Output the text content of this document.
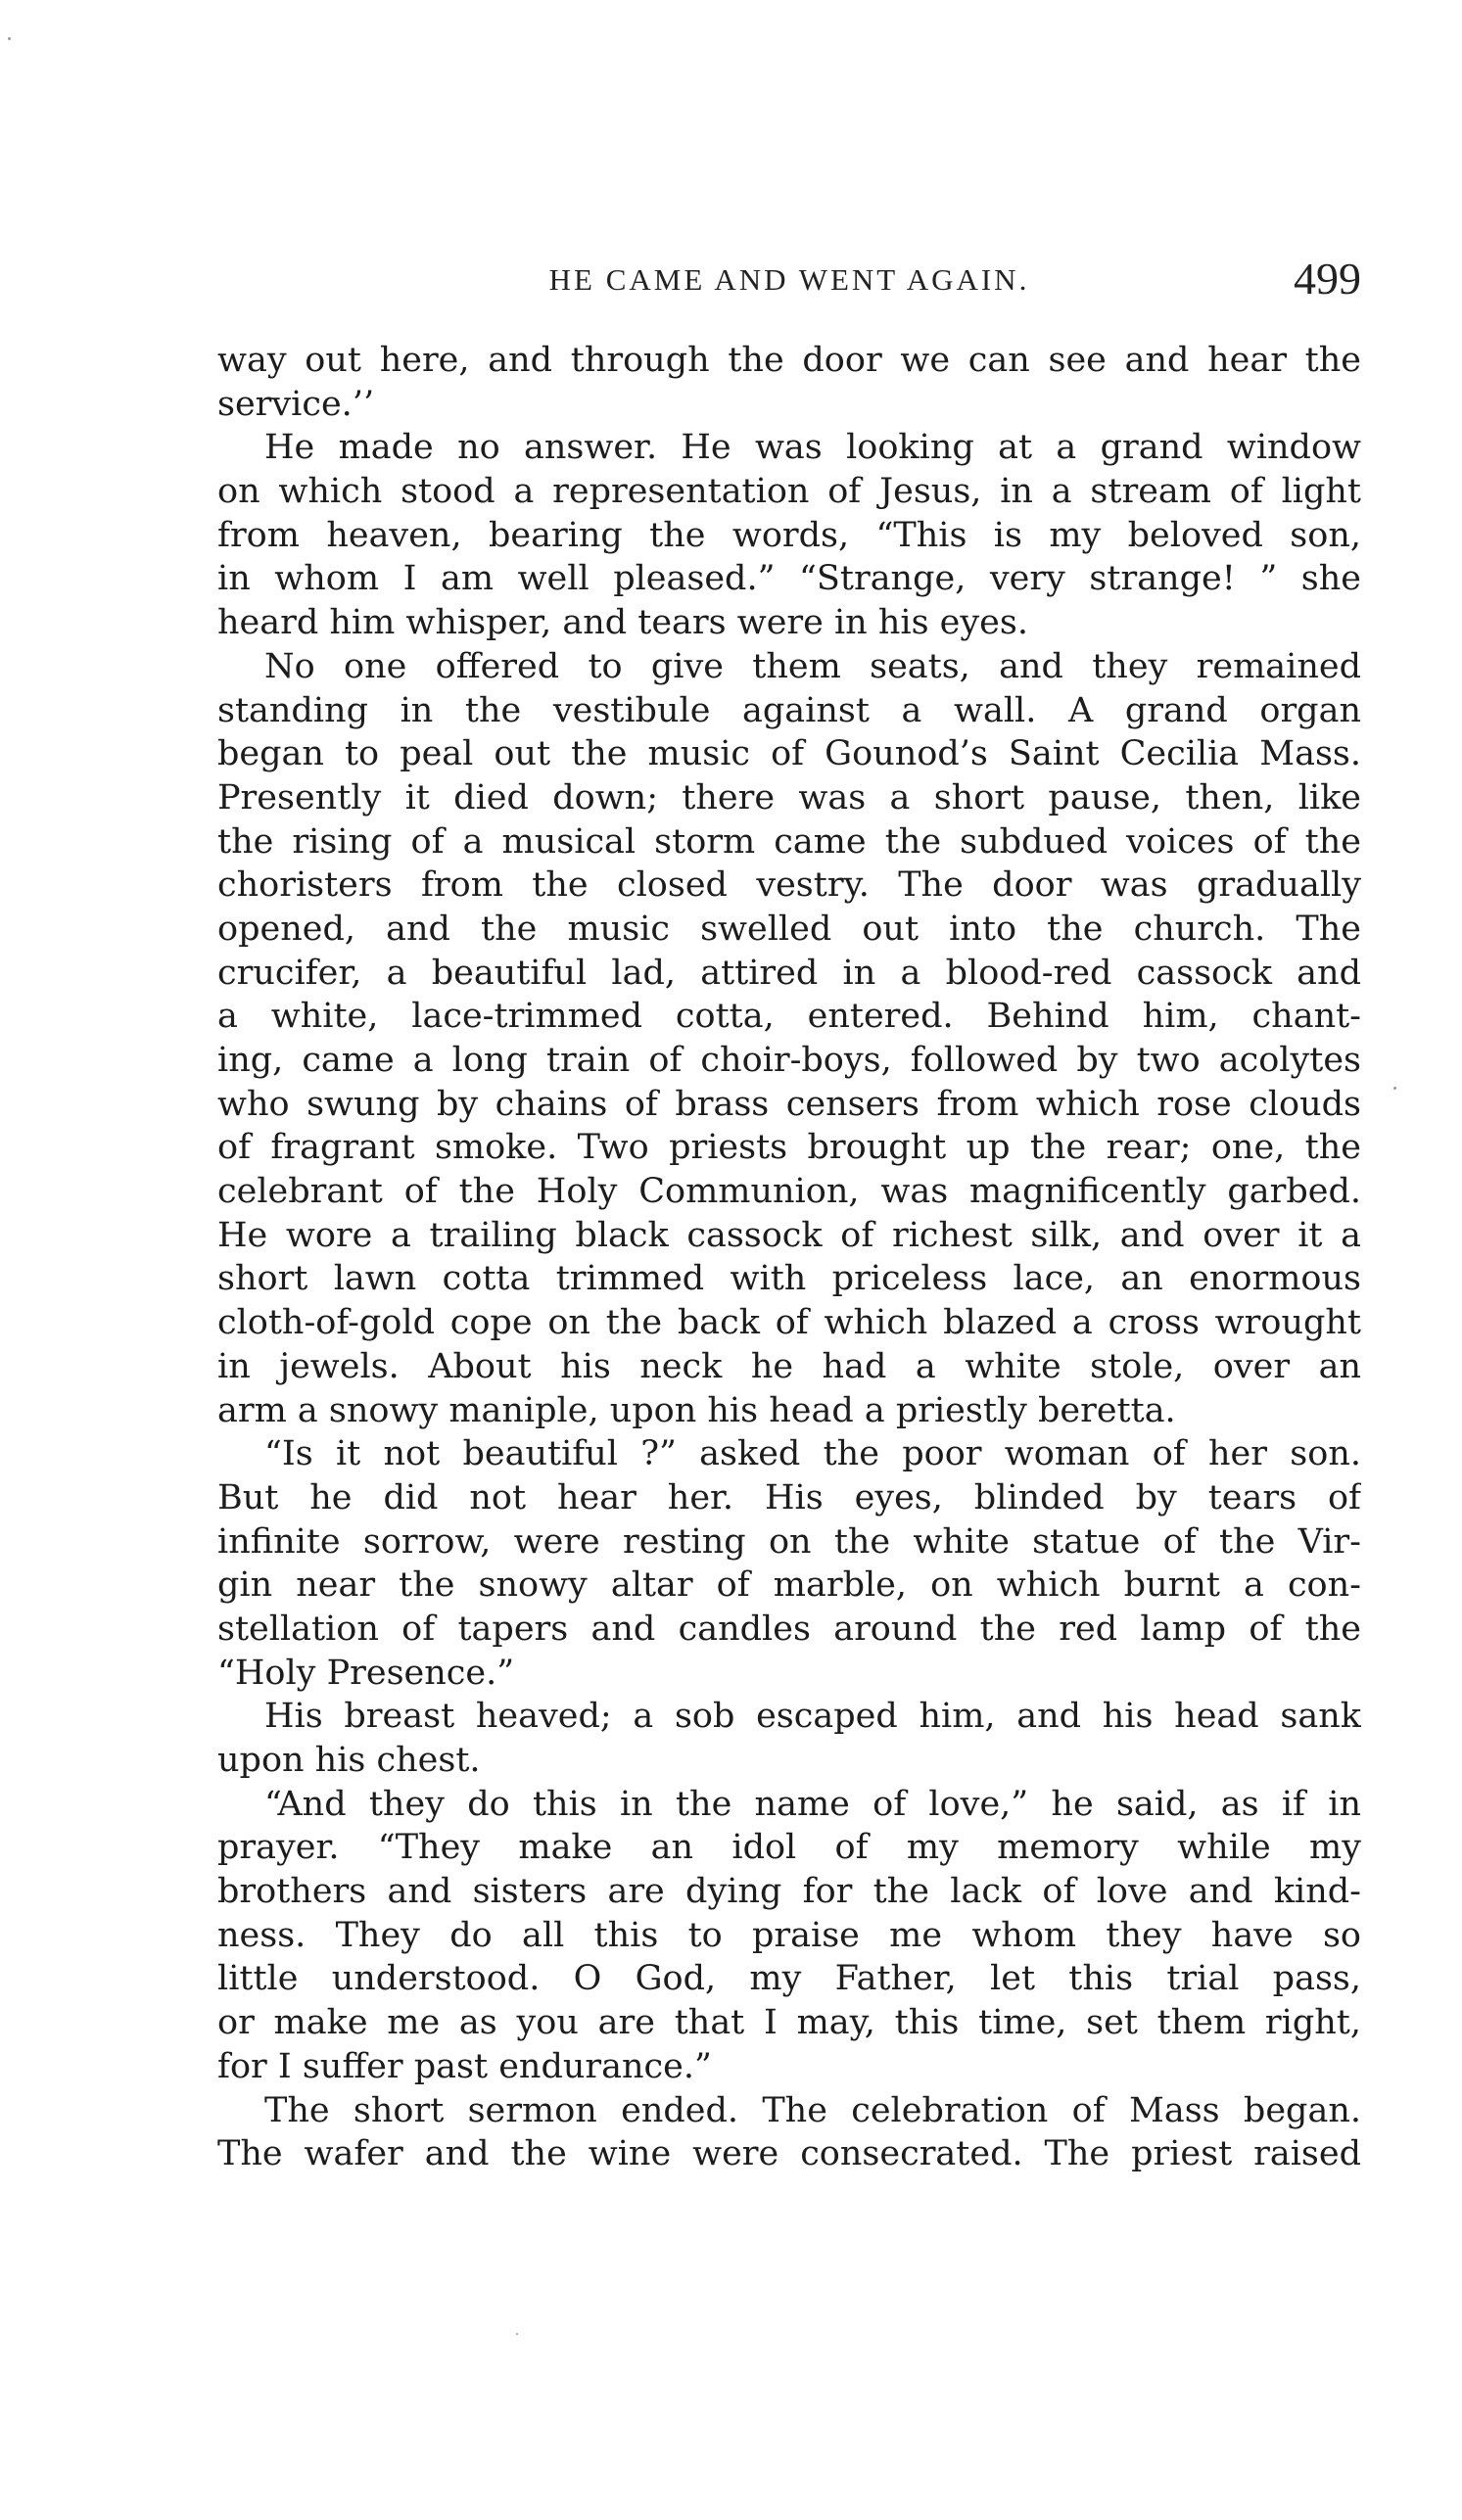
HE CAME AND WENT AGAIN.	499
way out here, and through the door we can see and hear the
service.’’
He made no answer. He was looking at a grand window
on which stood a representation of Jesus, in a stream of light
from heaven, bearing the words, “This is my beloved son,
in whom I am well pleased.” “Strange, very strange! ” she
heard him whisper, and tears were in his eyes.
No one offered to give them seats, and they remained
standing in the vestibule against a wall. A grand organ
began to peal out the music of Gounod’s Saint Cecilia Mass.
Presently it died down; there was a short pause, then, like
the rising of a musical storm came the subdued voices of the
choristers from the closed vestry. The door was gradually
opened, and the music swelled out into the church. The
crucifer, a beautiful lad, attired in a blood-red cassock and
a white, lace-trimmed cotta, entered. Behind him, chant-
ing, came a long train of choir-boys, followed by two acolytes
who swung by chains of brass censers from which rose clouds
of fragrant smoke. Two priests brought up the rear; one, the
celebrant of the Holy Communion, was magnificently garbed.
He wore a trailing black cassock of richest silk, and over it a
short lawn cotta trimmed with priceless lace, an enormous
cloth-of-gold cope on the back of which blazed a cross wrought
in jewels. About his neck he had a white stole, over an
arm a snowy maniple, upon his head a priestly beretta.
“Is it not beautiful ?” asked the poor woman of her son.
But he did not hear her. His eyes, blinded by tears of
infinite sorrow, were resting on the white statue of the Vir-
gin near the snowy altar of marble, on which burnt a con-
stellation of tapers and candles around the red lamp of the
“Holy Presence.”
His breast heaved; a sob escaped him, and his head sank
upon his chest.
“And they do this in the name of love,” he said, as if in
prayer. “They make an idol of my memory while my
brothers and sisters are dying for the lack of love and kind-
ness. They do all this to praise me whom they have so
little understood. O God, my Father, let this trial pass,
or make me as you are that I may, this time, set them right,
for I suffer past endurance.”
The short sermon ended. The celebration of Mass began.
The wafer and the wine were consecrated. The priest raised
